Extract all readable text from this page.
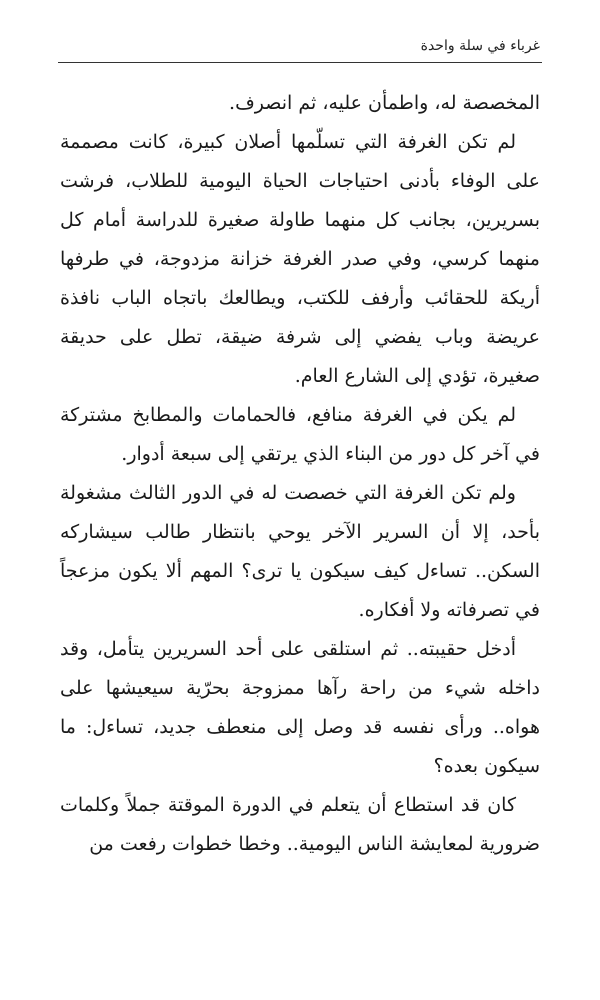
غرباء في سلة واحدة

المخصصة له، واطمأن عليه، ثم انصرف.

لم تكن الغرفة التي تسلّمها أصلان كبيرة، كانت مصممة على الوفاء بأدنى احتياجات الحياة اليومية للطلاب، فرشت بسريرين، بجانب كل منهما طاولة صغيرة للدراسة أمام كل منهما كرسي، وفي صدر الغرفة خزانة مزدوجة، في طرفها أريكة للحقائب وأرفف للكتب، ويطالعك باتجاه الباب نافذة عريضة وباب يفضي إلى شرفة ضيقة، تطل على حديقة صغيرة، تؤدي إلى الشارع العام.

لم يكن في الغرفة منافع، فالحمامات والمطابخ مشتركة في آخر كل دور من البناء الذي يرتقي إلى سبعة أدوار.

ولم تكن الغرفة التي خصصت له في الدور الثالث مشغولة بأحد، إلا أن السرير الآخر يوحي بانتظار طالب سيشاركه السكن.. تساءل كيف سيكون يا ترى؟ المهم ألا يكون مزعجاً في تصرفاته ولا أفكاره.

أدخل حقيبته.. ثم استلقى على أحد السريرين يتأمل، وقد داخله شيء من راحة رآها ممزوجة بحرّية سيعيشها على هواه.. ورأى نفسه قد وصل إلى منعطف جديد، تساءل: ما سيكون بعده؟

كان قد استطاع أن يتعلم في الدورة الموقتة جملاً وكلمات ضرورية لمعايشة الناس اليومية.. وخطا خطوات رفعت من
